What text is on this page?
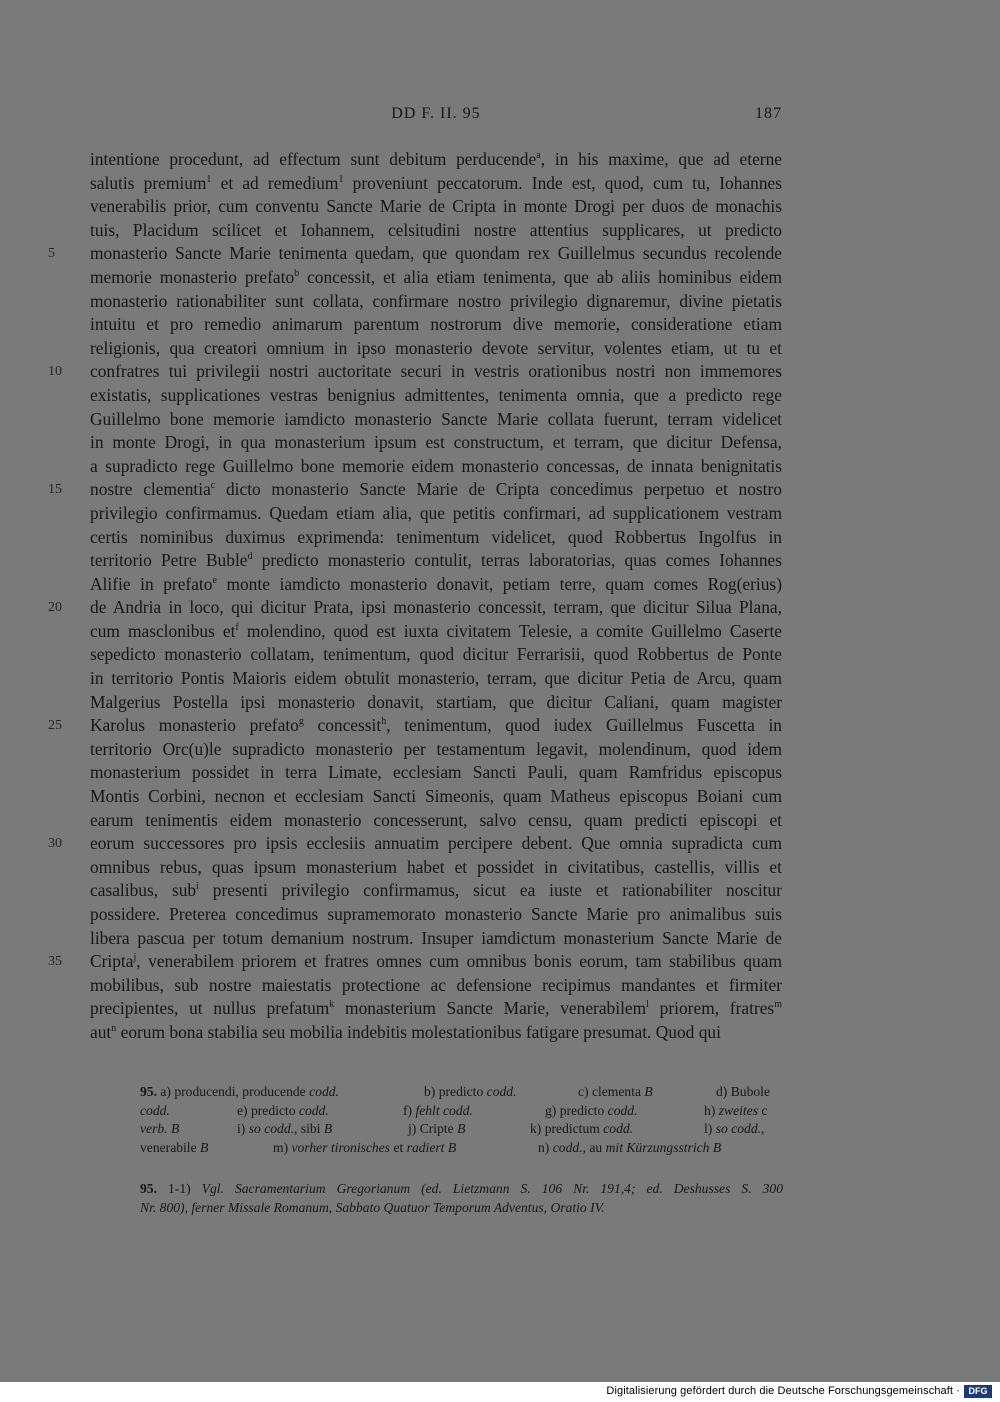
DD F. II. 95	187
intentione procedunt, ad effectum sunt debitum perducende$^a$, in his maxime, que ad eterne
salutis premium$^1$ et ad remedium$^1$ proveniunt peccatorum. Inde est, quod, cum tu, Iohannes
venerabilis prior, cum conventu Sancte Marie de Cripta in monte Drogi per duos de monachis
tuis, Placidum scilicet et Iohannem, celsitudini nostre attentius supplicares, ut predicto
5	monasterio Sancte Marie tenimenta quedam, que quondam rex Guillelmus secundus recolende
memorie monasterio prefato$^b$ concessit, et alia etiam tenimenta, que ab aliis hominibus eidem
monasterio rationabiliter sunt collata, confirmare nostro privilegio dignaremur, divine pietatis
intuitu et pro remedio animarum parentum nostrorum dive memorie, consideratione etiam
religionis, qua creatori omnium in ipso monasterio devote servitur, volentes etiam, ut tu et
10	confratres tui privilegii nostri auctoritate securi in vestris orationibus nostri non immemores
existatis, supplicationes vestras benignius admittentes, tenimenta omnia, que a predicto rege
Guillelmo bone memorie iamdicto monasterio Sancte Marie collata fuerunt, terram videlicet
in monte Drogi, in qua monasterium ipsum est constructum, et terram, que dicitur Defensa,
a supradicto rege Guillelmo bone memorie eidem monasterio concessas, de innata benignitatis
15	nostre clementia$^c$ dicto monasterio Sancte Marie de Cripta concedimus perpetuo et nostro
privilegio confirmamus. Quedam etiam alia, que petitis confirmari, ad supplicationem vestram
certis nominibus duximus exprimenda: tenimentum videlicet, quod Robbertus Ingolfus in
territorio Petre Buble$^d$ predicto monasterio contulit, terras laboratorias, quas comes Iohannes
Alifie in prefato$^e$ monte iamdicto monasterio donavit, petiam terre, quam comes Rog(erius)
20	de Andria in loco, qui dicitur Prata, ipsi monasterio concessit, terram, que dicitur Silua Plana,
cum masclonibus $et^f$ molendino, quod est iuxta civitatem Telesie, a comite Guillelmo Caserte
sepedicto monasterio collatam, tenimentum, quod dicitur Ferrarisii, quod Robbertus de Ponte
in territorio Pontis Maioris eidem obtulit monasterio, terram, que dicitur Petia de Arcu, quam
Malgerius Postella ipsi monasterio donavit, startiam, que dicitur Caliani, quam magister
25	Karolus monasterio prefato$^g$ concessit$^h$, tenimentum, quod iudex Guillelmus Fuscetta in
territorio Orc(u)le supradicto monasterio per testamentum legavit, molendinum, quod idem
monasterium possidet in terra Limate, ecclesiam Sancti Pauli, quam Ramfridus episcopus
Montis Corbini, necnon et ecclesiam Sancti Simeonis, quam Matheus episcopus Boiani cum
earum tenimentis eidem monasterio concesserunt, salvo censu, quam predicti episcopi et
30	eorum successores pro ipsis ecclesiis annuatim percipere debent. Que omnia supradicta cum
omnibus rebus, quas ipsum monasterium habet et possidet in civitatibus, castellis, villis et
casalibus, sub$^i$ presenti privilegio confirmamus, sicut ea iuste et rationabiliter noscitur
possidere. Preterea concedimus supramemorato monasterio Sancte Marie pro animalibus suis
libera pascua per totum demanium nostrum. Insuper iamdictum monasterium Sancte Marie de
35	Cripta$^j$, venerabilem priorem et fratres omnes cum omnibus bonis eorum, tam stabilibus quam
mobilibus, sub nostre maiestatis protectione ac defensione recipimus mandantes et firmiter
precipientes, ut nullus prefatum$^k$ monasterium Sancte Marie, venerabilem$^l$ priorem, fratres$^m$
aut$^n$ eorum bona stabilia seu mobilia indebitis molestationibus fatigare presumat. Quod qui
95. a) producendi, producende codd.	b) predicto codd.	c) clementa B	d) Bubole
codd.	e) predicto codd.	f) fehlt codd.	g) predicto codd.	h) zweites c
verb. B	i) so codd., sibi B	j) Cripte B	k) predictum codd.	l) so codd.,
venerabile B	m) vorher tironisches et radiert B	n) codd., au mit Kürzungsstrich B
95. 1-1) Vgl. Sacramentarium Gregorianum (ed. Lietzmann S. 106 Nr. 191,4; ed. Deshusses S. 300
Nr. 800), ferner Missale Romanum, Sabbato Quatuor Temporum Adventus, Oratio IV.
Digitalisierung gefördert durch die Deutsche Forschungsgemeinschaft · DFG
